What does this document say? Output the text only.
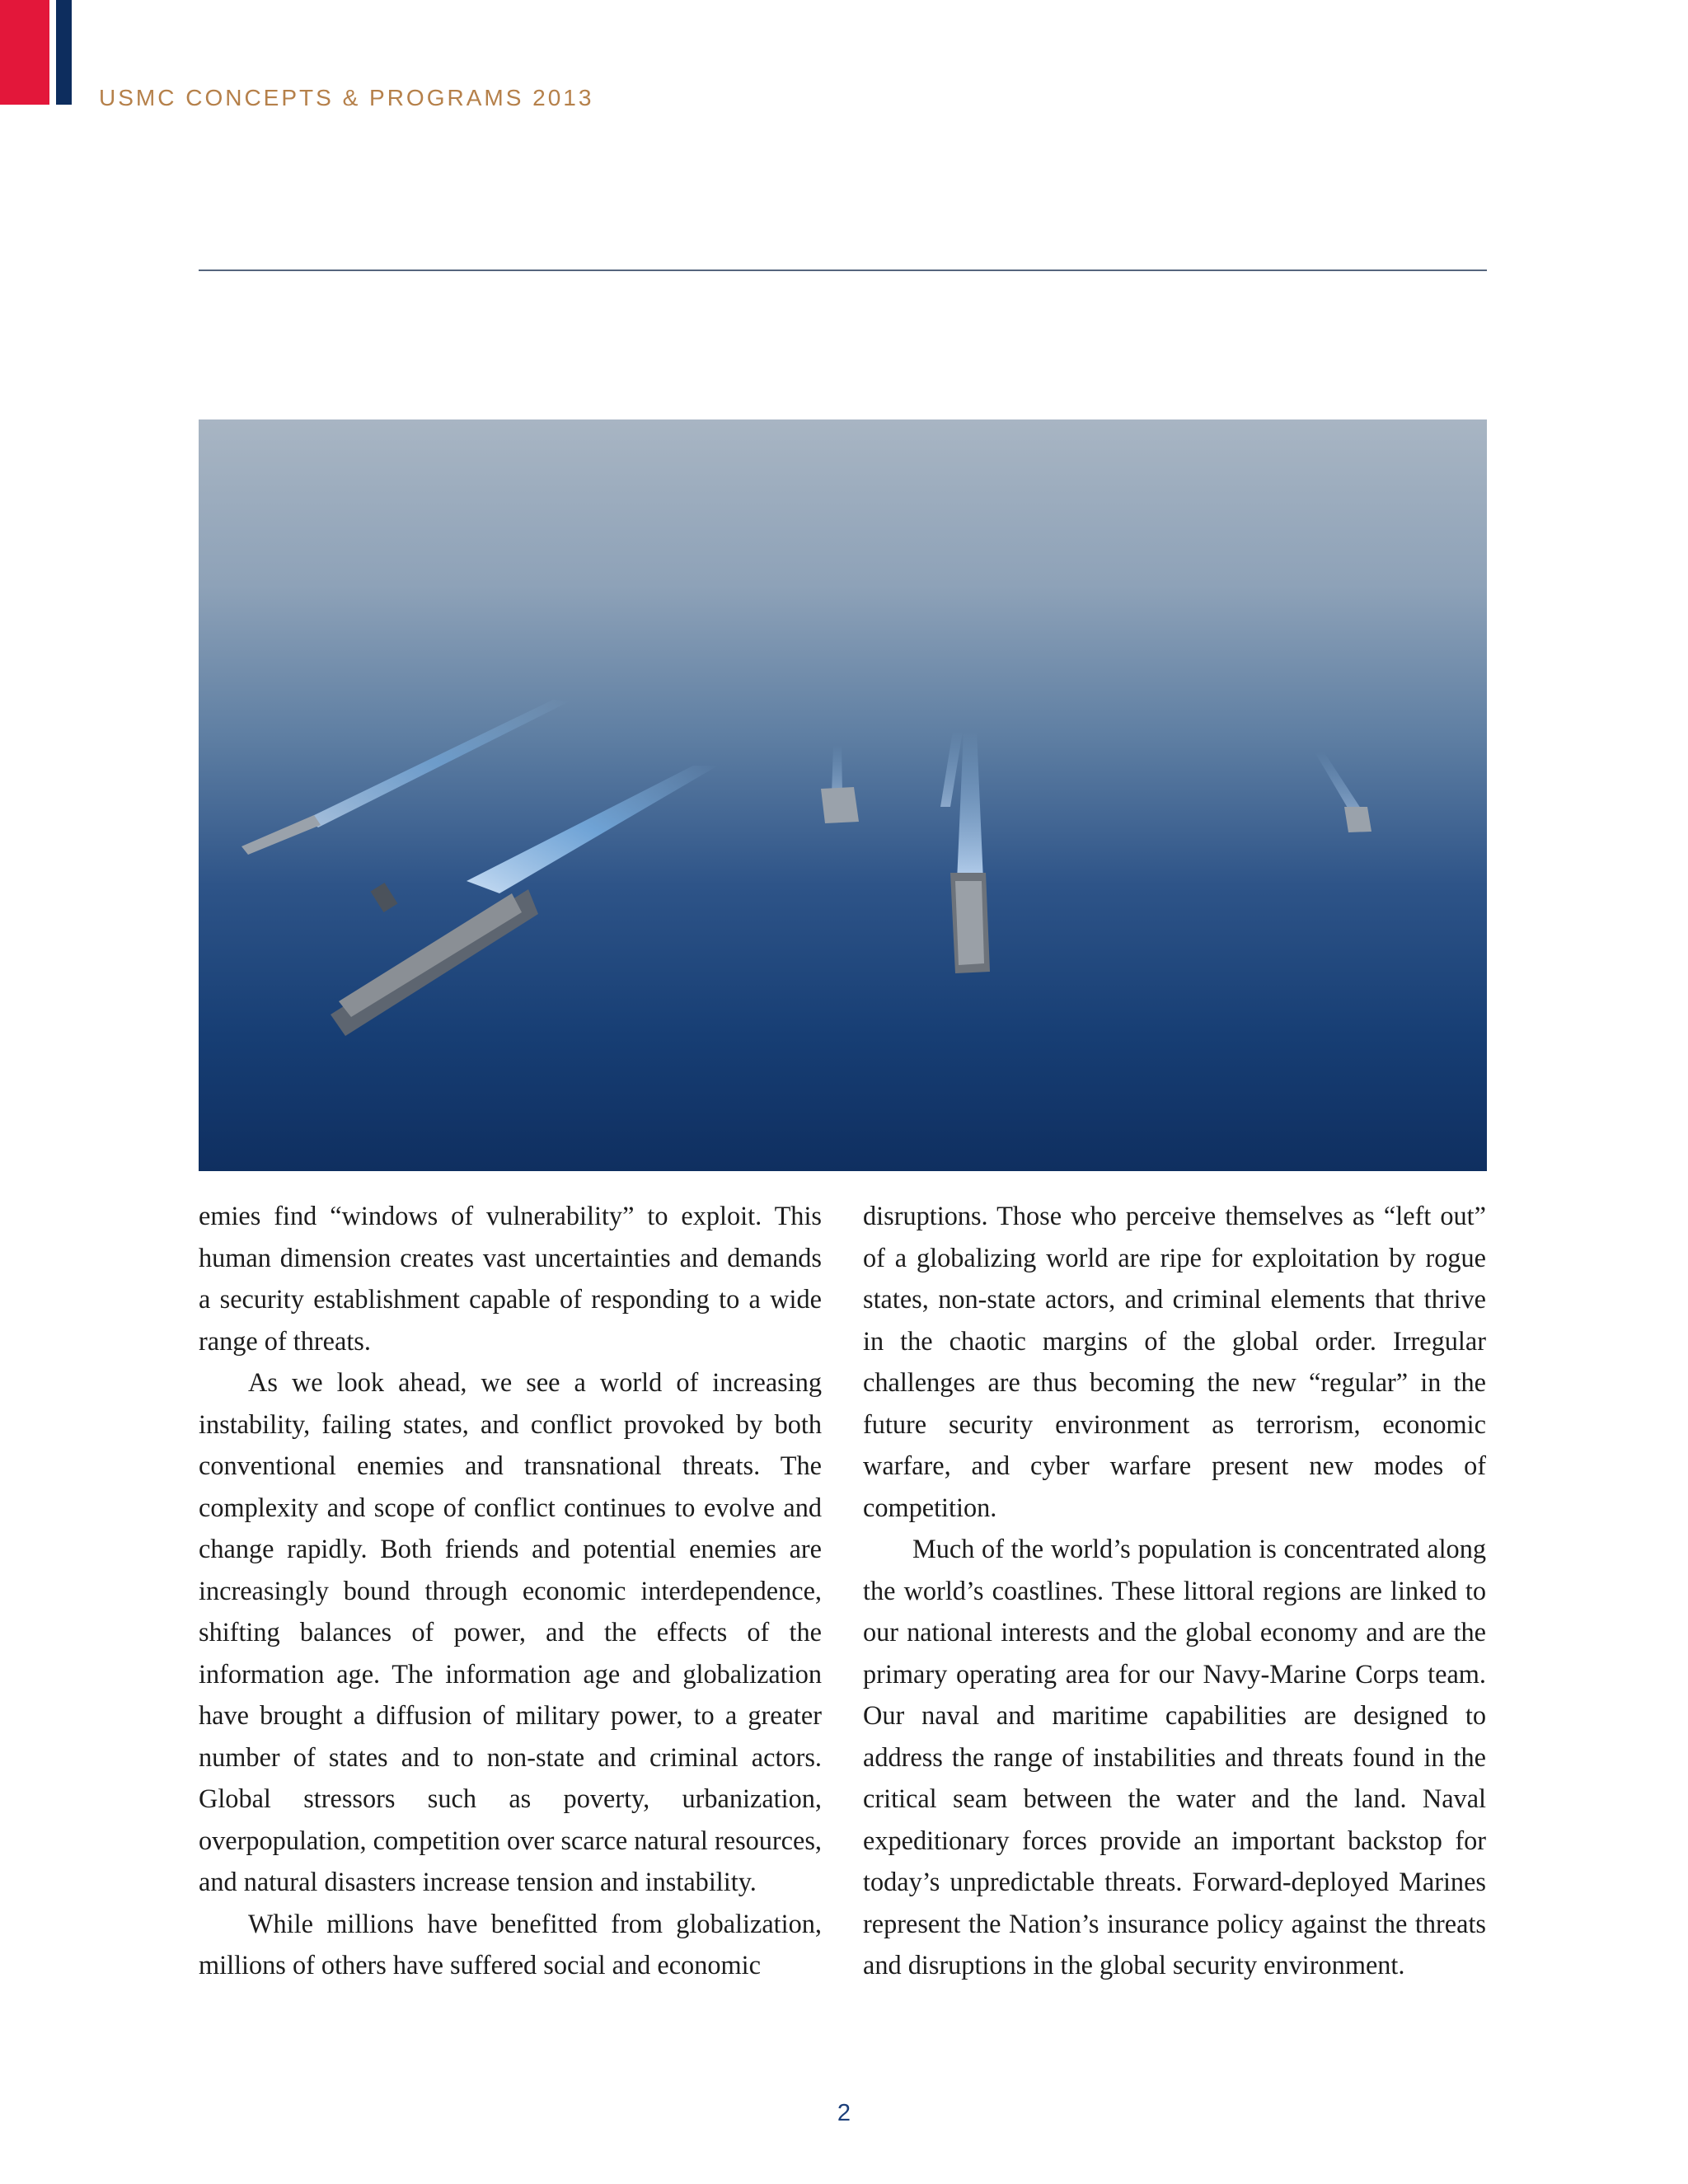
USMC CONCEPTS & PROGRAMS 2013

emies find “windows of vulnerability” to exploit. This human dimension creates vast uncertainties and demands a security establishment capable of responding to a wide range of threats.

As we look ahead, we see a world of increasing instability, failing states, and conflict provoked by both conventional enemies and transnational threats. The complexity and scope of conflict continues to evolve and change rapidly. Both friends and potential enemies are increasingly bound through economic interdependence, shifting balances of power, and the effects of the information age. The information age and globalization have brought a diffusion of military power, to a greater number of states and to non-state and criminal actors. Global stressors such as poverty, urbanization, overpopulation, competition over scarce natural resources, and natural disasters increase tension and instability.

While millions have benefitted from globalization, millions of others have suffered social and economic

disruptions. Those who perceive themselves as “left out” of a globalizing world are ripe for exploitation by rogue states, non-state actors, and criminal elements that thrive in the chaotic margins of the global order. Irregular challenges are thus becoming the new “regular” in the future security environment as terrorism, economic warfare, and cyber warfare present new modes of competition.

Much of the world’s population is concentrated along the world’s coastlines. These littoral regions are linked to our national interests and the global economy and are the primary operating area for our Navy-Marine Corps team. Our naval and maritime capabilities are designed to address the range of instabilities and threats found in the critical seam between the water and the land. Naval expeditionary forces provide an important backstop for today’s unpredictable threats. Forward-deployed Marines represent the Nation’s insurance policy against the threats and disruptions in the global security environment.

2
